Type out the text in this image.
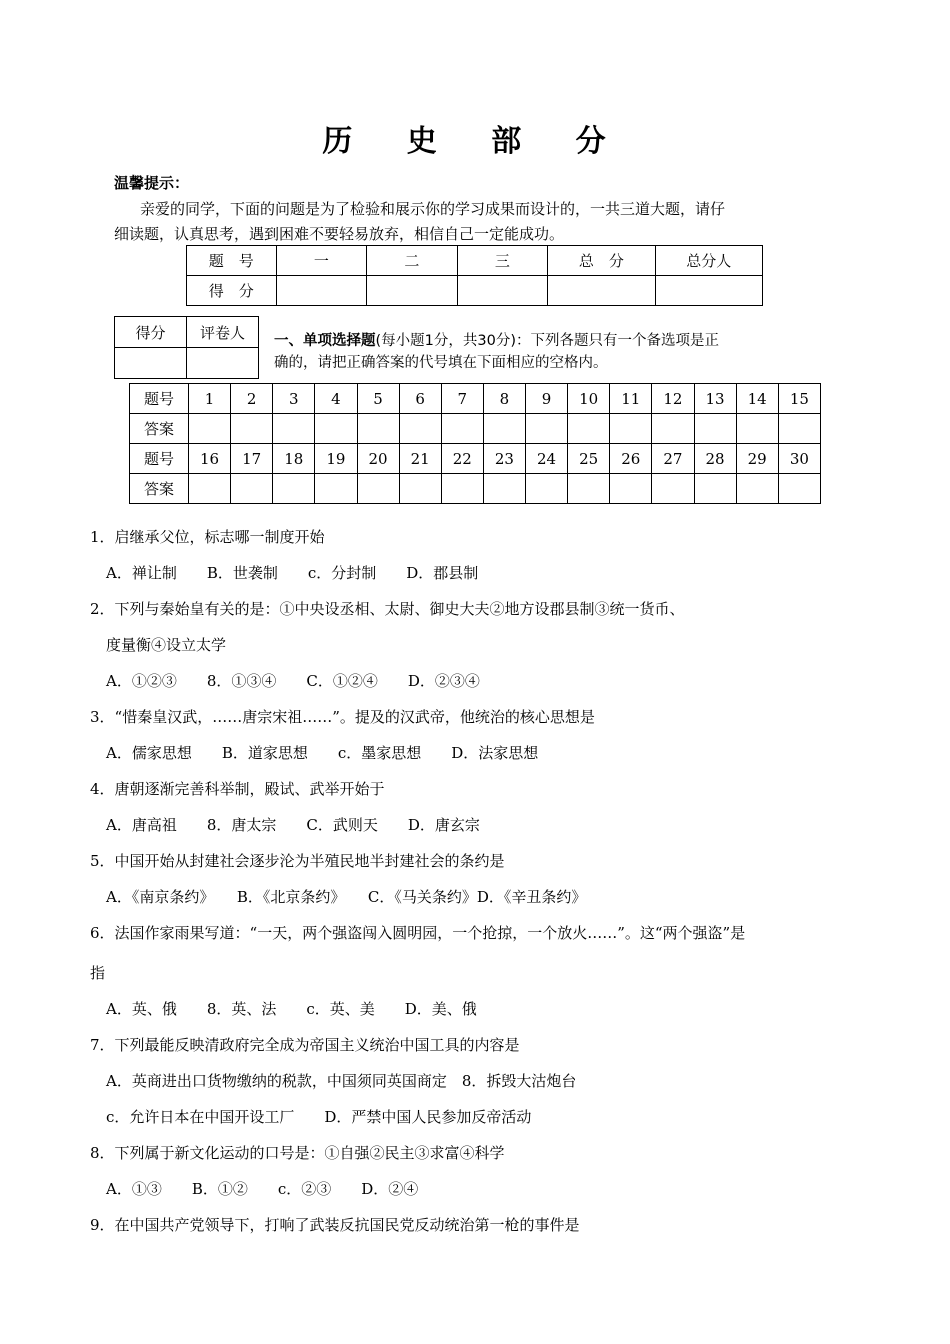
历 史 部 分
温馨提示：
亲爱的同学，下面的问题是为了检验和展示你的学习成果而设计的，一共三道大题，请仔
细读题，认真思考，遇到困难不要轻易放弃，相信自己一定能成功。
题　号	一	二	三	总　分	总分人
得　分					
得分	评卷人
	一、单项选择题(每小题1分，共30分)：下列各题只有一个备选项是正
确的，请把正确答案的代号填在下面相应的空格内。
题号	1	2	3	4	5	6	7	8	9	10	11	12	13	14	15
答案															
题号	16	17	18	19	20	21	22	23	24	25	26	27	28	29	30
答案															
1．启继承父位，标志哪一制度开始
A．禅让制　　B．世袭制　　c．分封制　　D．郡县制
2．下列与秦始皇有关的是：①中央设丞相、太尉、御史大夫②地方设郡县制③统一货币、
度量衡④设立太学
A．①②③　　8．①③④　　C．①②④　　D．②③④
3．“惜秦皇汉武，……唐宗宋祖……”。提及的汉武帝，他统治的核心思想是
A．儒家思想　　B．道家思想　　c．墨家思想　　D．法家思想
4．唐朝逐渐完善科举制，殿试、武举开始于
A．唐高祖　　8．唐太宗　　C．武则天　　D．唐玄宗
5．中国开始从封建社会逐步沦为半殖民地半封建社会的条约是
A．《南京条约》　　B．《北京条约》　　C．《马关条约》D．《辛丑条约》
6．法国作家雨果写道：“一天，两个强盗闯入圆明园，一个抢掠，一个放火……”。这“两个强盗”是
指
A．英、俄　　8．英、法　　c．英、美　　D．美、俄
7．下列最能反映清政府完全成为帝国主义统治中国工具的内容是
A．英商进出口货物缴纳的税款，中国须同英国商定　8．拆毁大沽炮台
c．允许日本在中国开设工厂　　D．严禁中国人民参加反帝活动
8．下列属于新文化运动的口号是：①自强②民主③求富④科学
A．①③　　B．①②　　c．②③　　D．②④
9．在中国共产党领导下，打响了武装反抗国民党反动统治第一枪的事件是
